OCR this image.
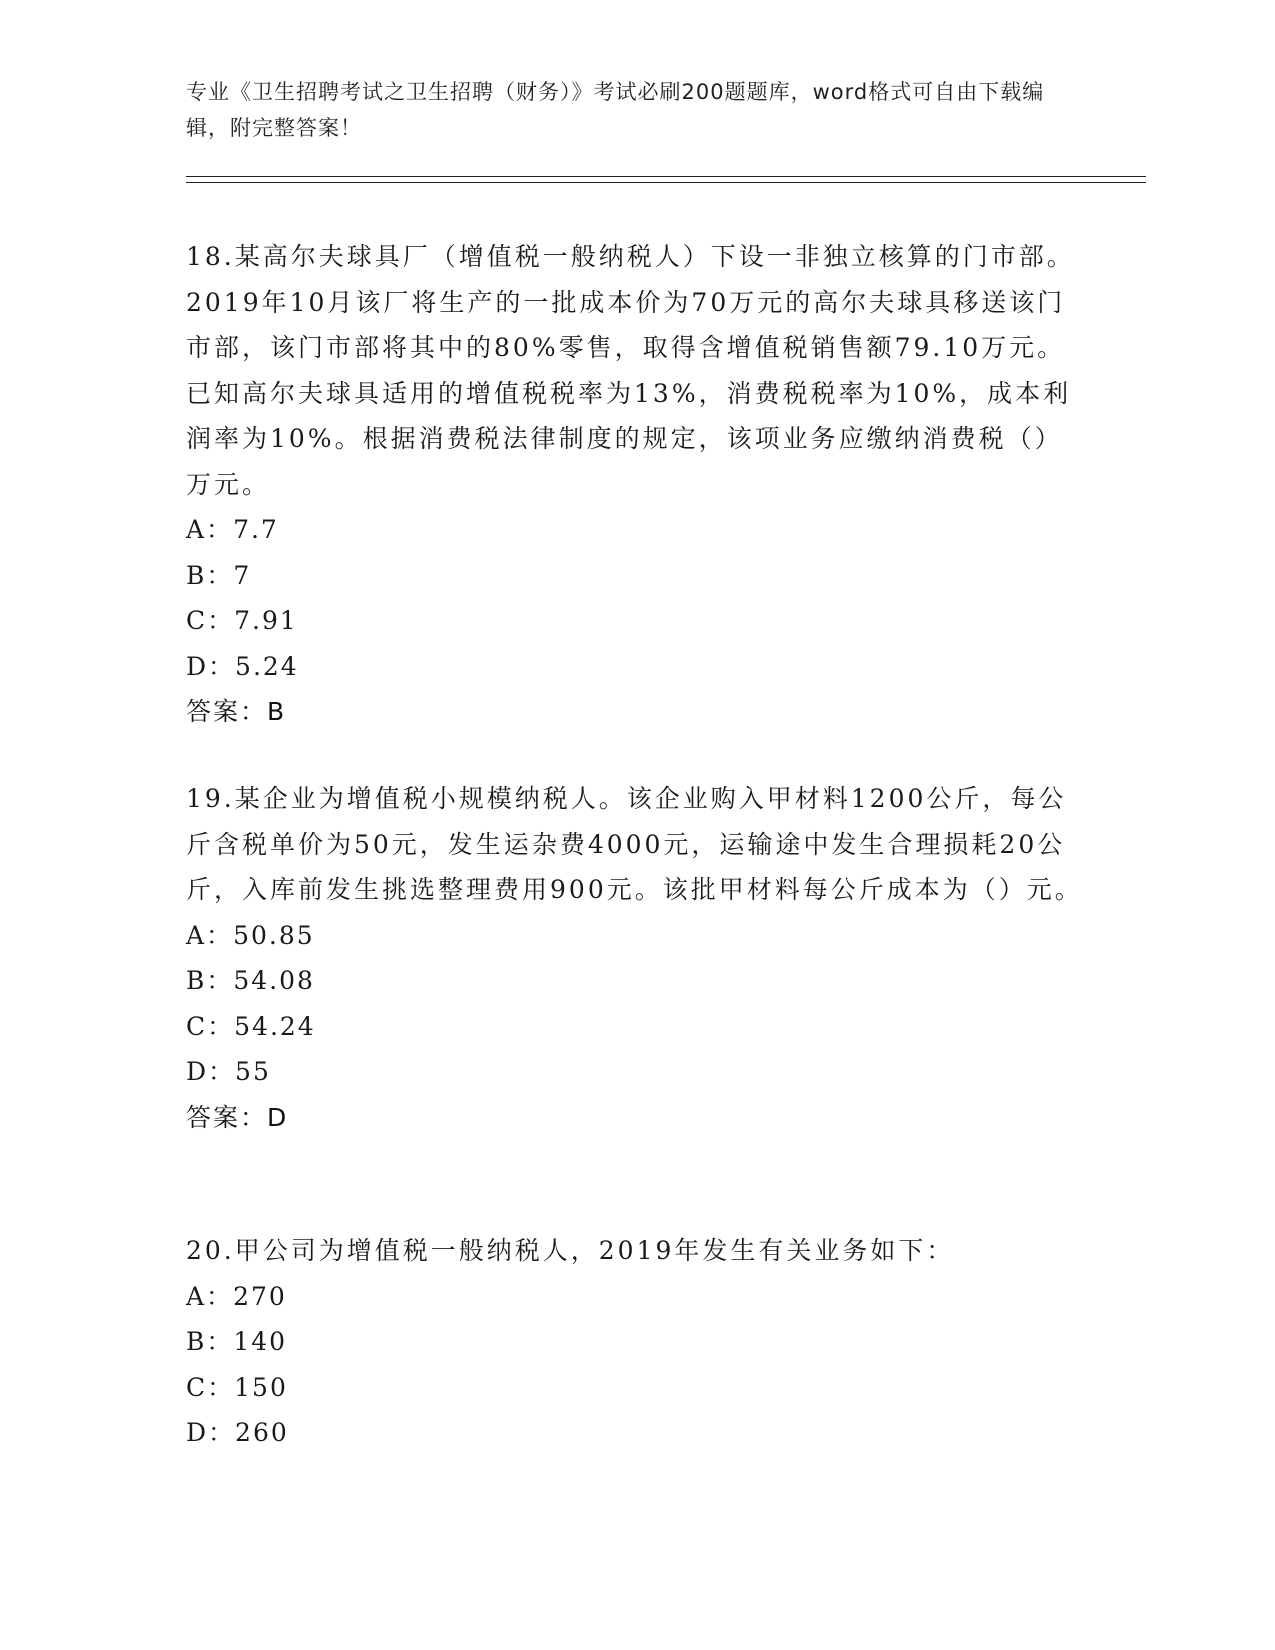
专业《卫生招聘考试之卫生招聘（财务）》考试必刷200题题库，word格式可自由下载编辑，附完整答案！

18.某高尔夫球具厂（增值税一般纳税人）下设一非独立核算的门市部。2019年10月该厂将生产的一批成本价为70万元的高尔夫球具移送该门市部，该门市部将其中的80%零售，取得含增值税销售额79.10万元。已知高尔夫球具适用的增值税税率为13%，消费税税率为10%，成本利润率为10%。根据消费税法律制度的规定，该项业务应缴纳消费税（）万元。

A：7.7

B：7

C：7.91

D：5.24

答案：B

19.某企业为增值税小规模纳税人。该企业购入甲材料1200公斤，每公斤含税单价为50元，发生运杂费4000元，运输途中发生合理损耗20公斤，入库前发生挑选整理费用900元。该批甲材料每公斤成本为（）元。

A：50.85

B：54.08

C：54.24

D：55

答案：D

20.甲公司为增值税一般纳税人，2019年发生有关业务如下：

A：270

B：140

C：150

D：260
